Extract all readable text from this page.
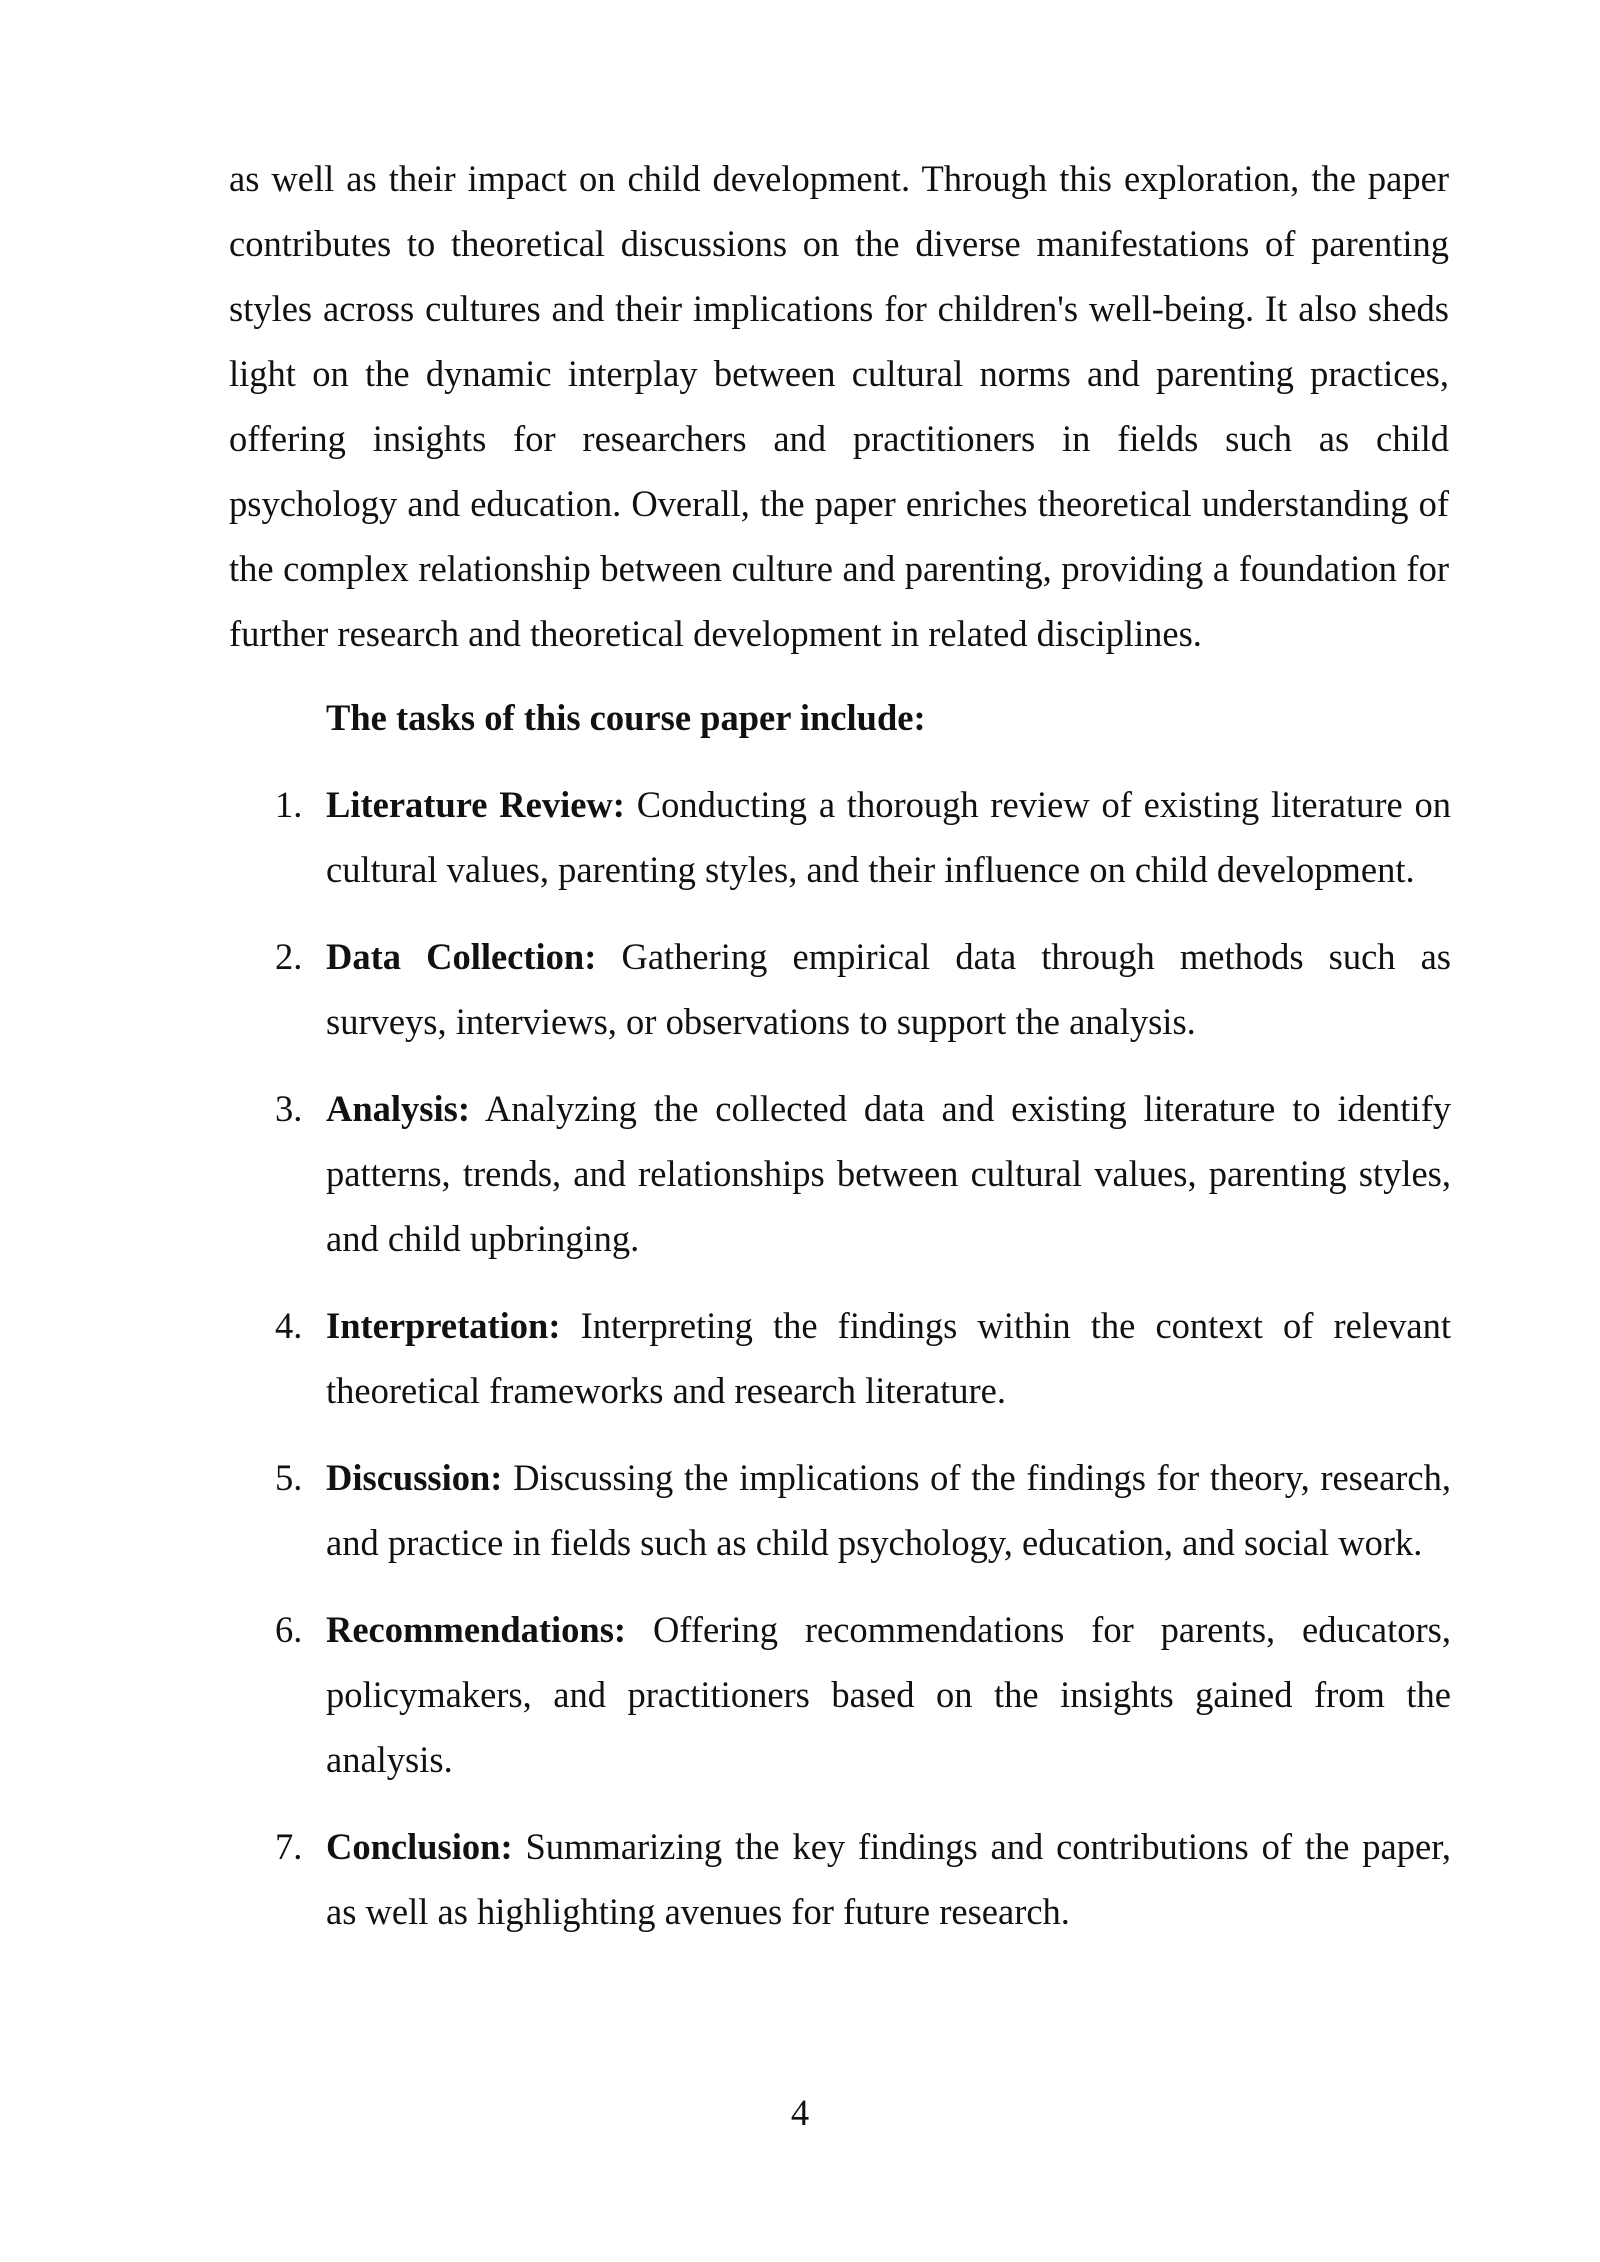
as well as their impact on child development. Through this exploration, the paper contributes to theoretical discussions on the diverse manifestations of parenting styles across cultures and their implications for children's well-being. It also sheds light on the dynamic interplay between cultural norms and parenting practices, offering insights for researchers and practitioners in fields such as child psychology and education. Overall, the paper enriches theoretical understanding of the complex relationship between culture and parenting, providing a foundation for further research and theoretical development in related disciplines.

The tasks of this course paper include:

1. Literature Review: Conducting a thorough review of existing literature on cultural values, parenting styles, and their influence on child development.
2. Data Collection: Gathering empirical data through methods such as surveys, interviews, or observations to support the analysis.
3. Analysis: Analyzing the collected data and existing literature to identify patterns, trends, and relationships between cultural values, parenting styles, and child upbringing.
4. Interpretation: Interpreting the findings within the context of relevant theoretical frameworks and research literature.
5. Discussion: Discussing the implications of the findings for theory, research, and practice in fields such as child psychology, education, and social work.
6. Recommendations: Offering recommendations for parents, educators, policymakers, and practitioners based on the insights gained from the analysis.
7. Conclusion: Summarizing the key findings and contributions of the paper, as well as highlighting avenues for future research.
4
